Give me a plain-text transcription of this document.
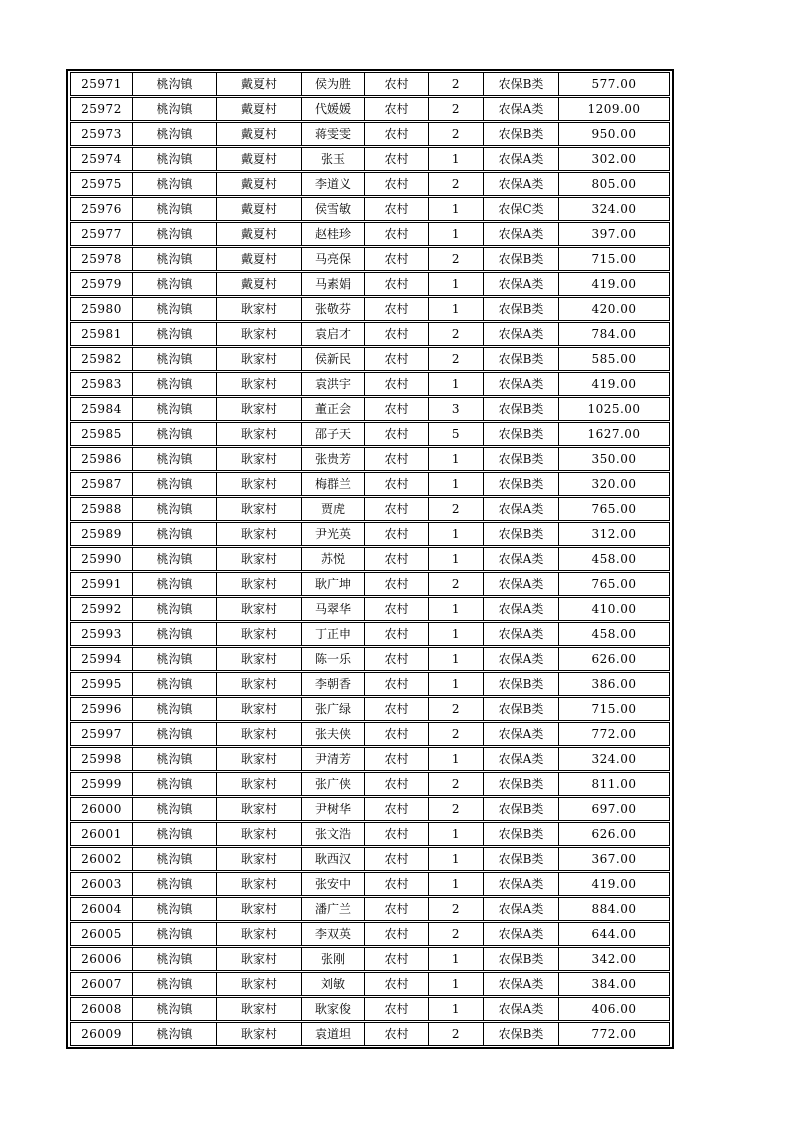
25971	桃沟镇	戴夏村	侯为胜	农村	2	农保B类	577.00
25972	桃沟镇	戴夏村	代媛媛	农村	2	农保A类	1209.00
25973	桃沟镇	戴夏村	蒋雯雯	农村	2	农保B类	950.00
25974	桃沟镇	戴夏村	张玉	农村	1	农保A类	302.00
25975	桃沟镇	戴夏村	李道义	农村	2	农保A类	805.00
25976	桃沟镇	戴夏村	侯雪敏	农村	1	农保C类	324.00
25977	桃沟镇	戴夏村	赵桂珍	农村	1	农保A类	397.00
25978	桃沟镇	戴夏村	马亮保	农村	2	农保B类	715.00
25979	桃沟镇	戴夏村	马素娟	农村	1	农保A类	419.00
25980	桃沟镇	耿家村	张敬芬	农村	1	农保B类	420.00
25981	桃沟镇	耿家村	袁启才	农村	2	农保A类	784.00
25982	桃沟镇	耿家村	侯新民	农村	2	农保B类	585.00
25983	桃沟镇	耿家村	袁洪宇	农村	1	农保A类	419.00
25984	桃沟镇	耿家村	董正会	农村	3	农保B类	1025.00
25985	桃沟镇	耿家村	邵子天	农村	5	农保B类	1627.00
25986	桃沟镇	耿家村	张贵芳	农村	1	农保B类	350.00
25987	桃沟镇	耿家村	梅群兰	农村	1	农保B类	320.00
25988	桃沟镇	耿家村	贾虎	农村	2	农保A类	765.00
25989	桃沟镇	耿家村	尹光英	农村	1	农保B类	312.00
25990	桃沟镇	耿家村	苏悦	农村	1	农保A类	458.00
25991	桃沟镇	耿家村	耿广坤	农村	2	农保A类	765.00
25992	桃沟镇	耿家村	马翠华	农村	1	农保A类	410.00
25993	桃沟镇	耿家村	丁正申	农村	1	农保A类	458.00
25994	桃沟镇	耿家村	陈一乐	农村	1	农保A类	626.00
25995	桃沟镇	耿家村	李朝香	农村	1	农保B类	386.00
25996	桃沟镇	耿家村	张广绿	农村	2	农保B类	715.00
25997	桃沟镇	耿家村	张夫侠	农村	2	农保A类	772.00
25998	桃沟镇	耿家村	尹清芳	农村	1	农保A类	324.00
25999	桃沟镇	耿家村	张广侠	农村	2	农保B类	811.00
26000	桃沟镇	耿家村	尹树华	农村	2	农保B类	697.00
26001	桃沟镇	耿家村	张文浩	农村	1	农保B类	626.00
26002	桃沟镇	耿家村	耿西汉	农村	1	农保B类	367.00
26003	桃沟镇	耿家村	张安中	农村	1	农保A类	419.00
26004	桃沟镇	耿家村	潘广兰	农村	2	农保A类	884.00
26005	桃沟镇	耿家村	李双英	农村	2	农保A类	644.00
26006	桃沟镇	耿家村	张刚	农村	1	农保B类	342.00
26007	桃沟镇	耿家村	刘敏	农村	1	农保A类	384.00
26008	桃沟镇	耿家村	耿家俊	农村	1	农保A类	406.00
26009	桃沟镇	耿家村	袁道坦	农村	2	农保B类	772.00
